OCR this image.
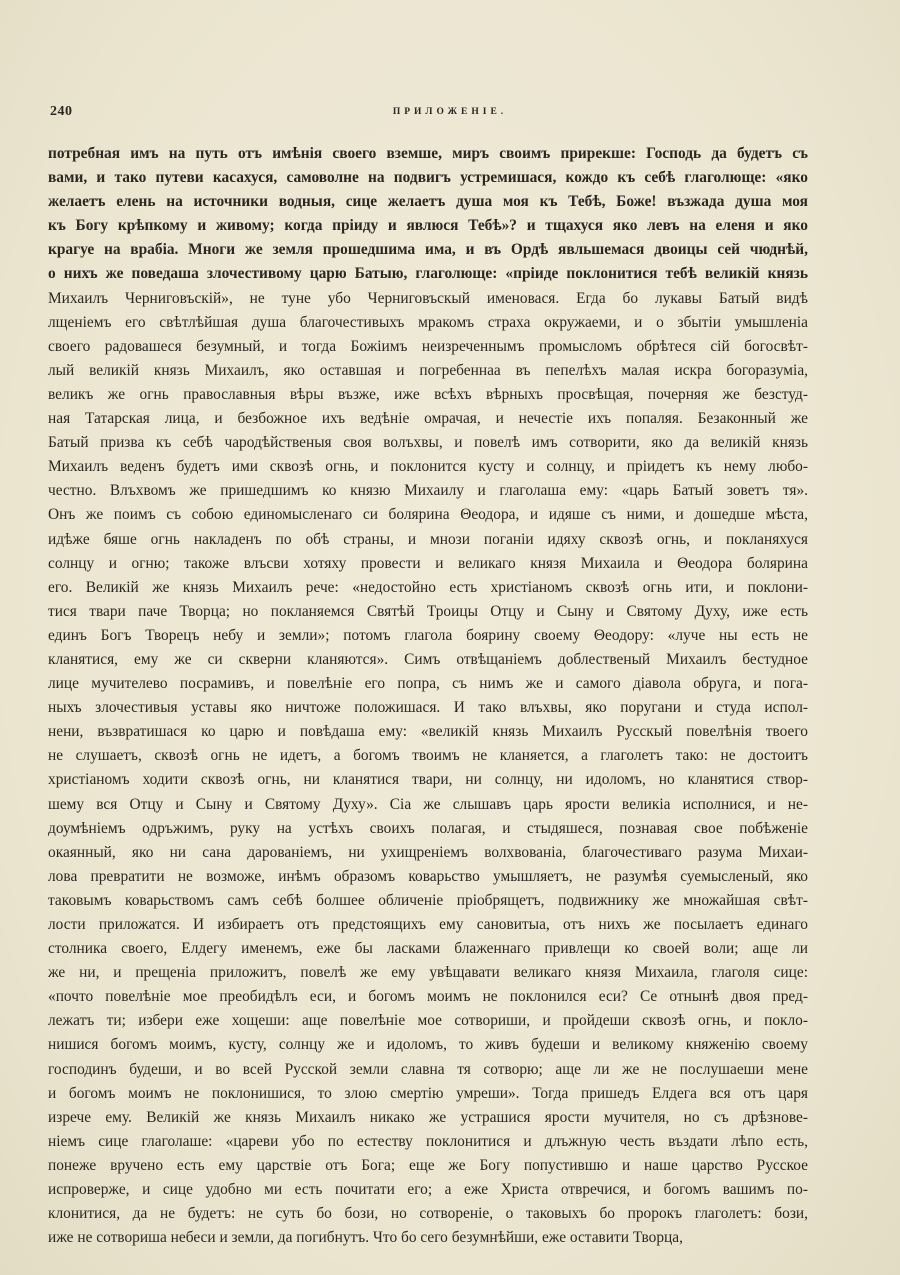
240	ПРИЛОЖЕНІЕ.
потребная имъ на путь отъ имѣнія своего вземше, миръ своимъ прирекше: Господь да будетъ съ
вами, и тако путеви касахуся, самоволне на подвигъ устремишася, кождо къ себѣ глаголюще: «яко
желаетъ елень на источники водныя, сице желаетъ душа моя къ Тебѣ, Боже! възжада душа моя
къ Богу крѣпкому и живому; когда пріиду и явлюся Тебѣ»? и тщахуся яко левъ на еленя и яко
крагуе на врабіа. Многи же земля прошедшима има, и въ Ордѣ явльшемася двоицы сей чюднѣй,
о нихъ же поведаша злочестивому царю Батыю, глаголюще: «пріиде поклонитися тебѣ великій князь
Михаилъ Черниговъскій», не туне убо Черниговъскый именовася. Егда бо лукавы Батый видѣ
лщеніемъ его свѣтлѣйшая душа благочестивыхъ мракомъ страха окружаеми, и о збытіи умышленіа
своего радовашеся безумный, и тогда Божіимъ неизреченнымъ промысломъ обрѣтеся сій богосвѣт-
лый великій князь Михаилъ, яко оставшая и погребеннаа въ пепелѣхъ малая искра богоразуміа,
великъ же огнь православныя вѣры възже, иже всѣхъ вѣрныхъ просвѣщая, почерняя же безстуд-
ная Татарская лица, и безбожное ихъ ведѣніе омрачая, и нечестіе ихъ попаляя. Безаконный же
Батый призва къ себѣ чародѣйственыя своя волъхвы, и повелѣ имъ сотворити, яко да великій князь
Михаилъ веденъ будетъ ими сквозѣ огнь, и поклонится кусту и солнцу, и пріидетъ къ нему любо-
честно. Влъхвомъ же пришедшимъ ко князю Михаилу и глаголаша ему: «царь Батый зоветъ тя».
Онъ же поимъ съ собою единомысленаго си болярина Θеодора, и идяше съ ними, и дошедше мѣста,
идѣже бяше огнь накладенъ по обѣ страны, и мнози поганіи идяху сквозѣ огнь, и покланяхуся
солнцу и огню; такоже влъсви хотяху провести и великаго князя Михаила и Θеодора болярина
его. Великій же князь Михаилъ рече: «недостойно есть христіаномъ сквозѣ огнь ити, и поклони-
тися твари паче Творца; но покланяемся Святѣй Троицы Отцу и Сыну и Святому Духу, иже есть
единъ Богъ Творецъ небу и земли»; потомъ глагола боярину своему Θеодору: «луче ны есть не
кланятися, ему же си скверни кланяются». Симъ отвѣщаніемъ доблественый Михаилъ бестудное
лице мучителево посрамивъ, и повелѣніе его попра, съ нимъ же и самого діавола обруга, и пога-
ныхъ злочестивыя уставы яко ничтоже положишася. И тако влъхвы, яко поругани и студа испол-
нени, възвратишася ко царю и повѣдаша ему: «великій князь Михаилъ Русскый повелѣнія твоего
не слушаетъ, сквозѣ огнь не идетъ, а богомъ твоимъ не кланяется, а глаголетъ тако: не достоитъ
христіаномъ ходити сквозѣ огнь, ни кланятися твари, ни солнцу, ни идоломъ, но кланятися створ-
шему вся Отцу и Сыну и Святому Духу». Сіа же слышавъ царь ярости великіа исполнися, и не-
доумѣніемъ одръжимъ, руку на устѣхъ своихъ полагая, и стыдяшеся, познавая свое побѣженіе
окаянный, яко ни сана дарованіемъ, ни ухищреніемъ волхвованіа, благочестиваго разума Михаи-
лова превратити не возможе, инѣмъ образомъ коварьство умышляетъ, не разумѣя суемысленый, яко
таковымъ коварьствомъ самъ себѣ болшее обличеніе пріобрящетъ, подвижнику же множайшая свѣт-
лости приложатся. И избираетъ отъ предстоящихъ ему сановитыа, отъ нихъ же посылаетъ единаго
столника своего, Елдегу именемъ, еже бы ласками блаженнаго привлещи ко своей воли; аще ли
же ни, и прещеніа приложитъ, повелѣ же ему увѣщавати великаго князя Михаила, глаголя сице:
«почто повелѣніе мое преобидѣлъ еси, и богомъ моимъ не поклонился еси? Се отнынѣ двоя пред-
лежатъ ти; избери еже хощеши: аще повелѣніе мое сотвориши, и пройдеши сквозѣ огнь, и покло-
нишися богомъ моимъ, кусту, солнцу же и идоломъ, то живъ будеши и великому княженію своему
господинъ будеши, и во всей Русской земли славна тя сотворю; аще ли же не послушаеши мене
и богомъ моимъ не поклонишися, то злою смертію умреши». Тогда пришедъ Елдега вся отъ царя
изрече ему. Великій же князь Михаилъ никако же устрашися ярости мучителя, но съ дрѣзнове-
ніемъ сице глаголаше: «цареви убо по естеству поклонитися и длъжную честь въздати лѣпо есть,
понеже вручено есть ему царствіе отъ Бога; еще же Богу попустившю и наше царство Русское
испроверже, и сице удобно ми есть почитати его; а еже Христа отвречися, и богомъ вашимъ по-
клонитися, да не будетъ: не суть бо бози, но сотвореніе, о таковыхъ бо пророкъ глаголетъ: бози,
иже не сотвориша небеси и земли, да погибнутъ. Что бо сего безумнѣйши, еже оставити Творца,
